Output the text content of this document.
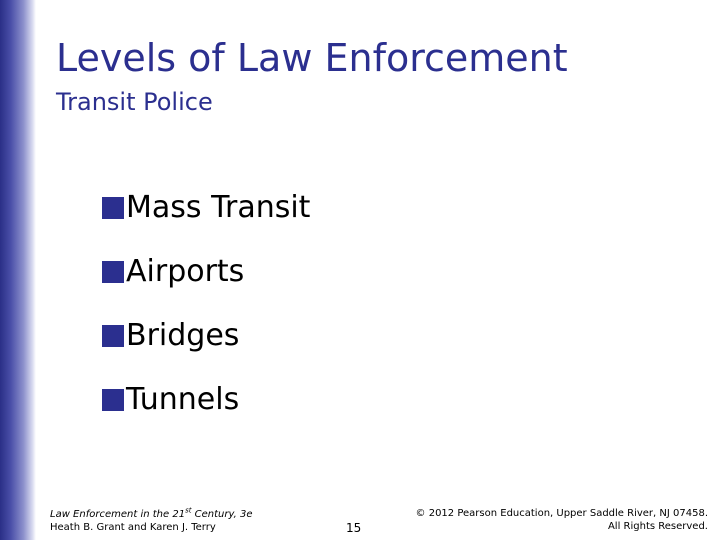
Levels of Law Enforcement
Transit Police
Mass Transit
Airports
Bridges
Tunnels
Law Enforcement in the 21st Century, 3e
Heath B. Grant and Karen J. Terry	15
© 2012 Pearson Education, Upper Saddle River, NJ 07458.
All Rights Reserved.
